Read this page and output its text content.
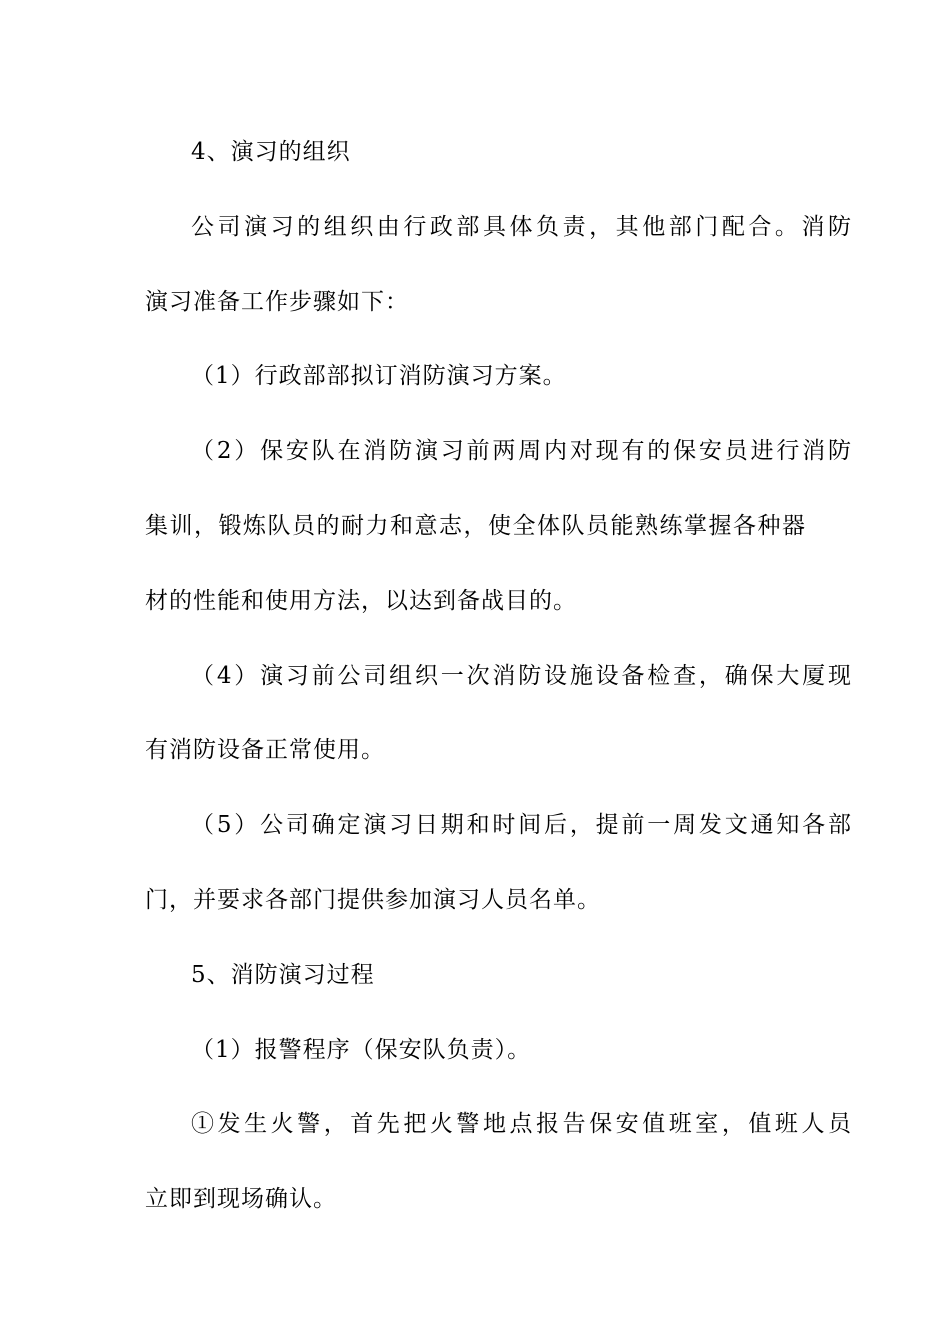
4、演习的组织
公司演习的组织由行政部具体负责，其他部门配合。消防
演习准备工作步骤如下：
（1）行政部部拟订消防演习方案。
（2）保安队在消防演习前两周内对现有的保安员进行消防
集训，锻炼队员的耐力和意志，使全体队员能熟练掌握各种器
材的性能和使用方法，以达到备战目的。
（4）演习前公司组织一次消防设施设备检查，确保大厦现
有消防设备正常使用。
（5）公司确定演习日期和时间后，提前一周发文通知各部
门，并要求各部门提供参加演习人员名单。
5、消防演习过程
（1）报警程序（保安队负责）。
①发生火警，首先把火警地点报告保安值班室，值班人员
立即到现场确认。
